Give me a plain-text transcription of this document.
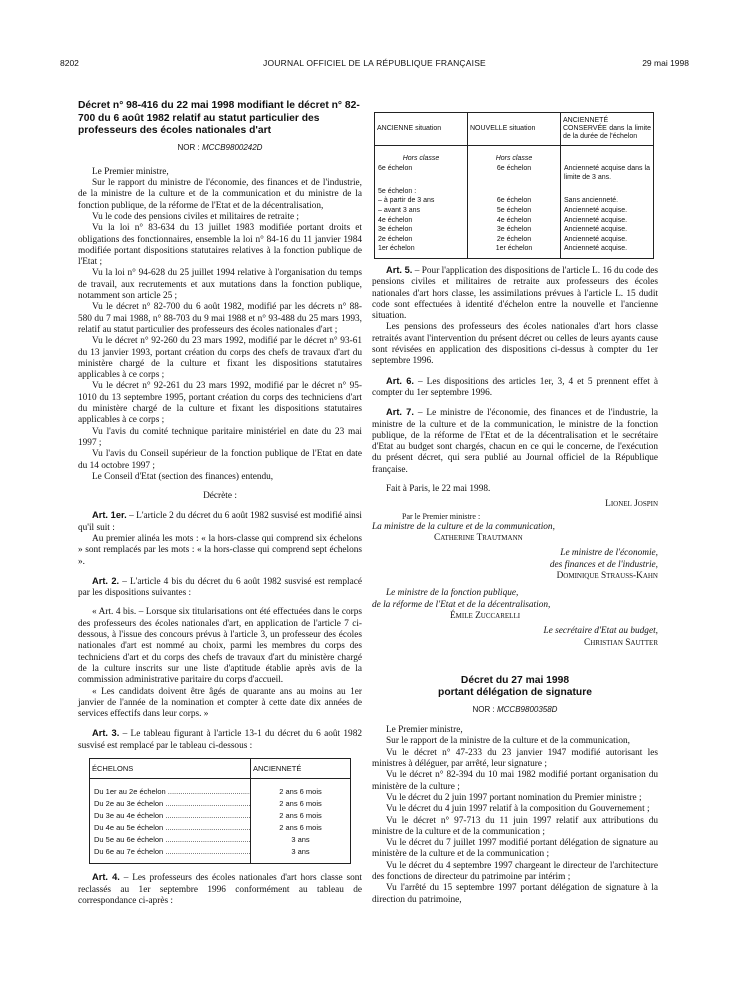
8202	JOURNAL OFFICIEL DE LA RÉPUBLIQUE FRANÇAISE	29 mai 1998
Décret n° 98-416 du 22 mai 1998 modifiant le décret n° 82-700 du 6 août 1982 relatif au statut particulier des professeurs des écoles nationales d'art
NOR : MCCB9800242D

Le Premier ministre,

Sur le rapport du ministre de l'économie, des finances et de l'industrie, de la ministre de la culture et de la communication et du ministre de la fonction publique, de la réforme de l'Etat et de la décentralisation,

Vu le code des pensions civiles et militaires de retraite ;

Vu la loi n° 83-634 du 13 juillet 1983 modifiée portant droits et obligations des fonctionnaires, ensemble la loi n° 84-16 du 11 janvier 1984 modifiée portant dispositions statutaires relatives à la fonction publique de l'Etat ;

Vu la loi n° 94-628 du 25 juillet 1994 relative à l'organisation du temps de travail, aux recrutements et aux mutations dans la fonction publique, notamment son article 25 ;

Vu le décret n° 82-700 du 6 août 1982, modifié par les décrets n° 88-580 du 7 mai 1988, n° 88-703 du 9 mai 1988 et n° 93-488 du 25 mars 1993, relatif au statut particulier des professeurs des écoles nationales d'art ;

Vu le décret n° 92-260 du 23 mars 1992, modifié par le décret n° 93-61 du 13 janvier 1993, portant création du corps des chefs de travaux d'art du ministère chargé de la culture et fixant les dispositions statutaires applicables à ce corps ;

Vu le décret n° 92-261 du 23 mars 1992, modifié par le décret n° 95-1010 du 13 septembre 1995, portant création du corps des techniciens d'art du ministère chargé de la culture et fixant les dispositions statutaires applicables à ce corps ;

Vu l'avis du comité technique paritaire ministériel en date du 23 mai 1997 ;

Vu l'avis du Conseil supérieur de la fonction publique de l'Etat en date du 14 octobre 1997 ;

Le Conseil d'Etat (section des finances) entendu,

Décrète :

Art. 1er. – L'article 2 du décret du 6 août 1982 susvisé est modifié ainsi qu'il suit :

Au premier alinéa les mots : « la hors-classe qui comprend six échelons » sont remplacés par les mots : « la hors-classe qui comprend sept échelons ».

Art. 2. – L'article 4 bis du décret du 6 août 1982 susvisé est remplacé par les dispositions suivantes :

« Art. 4 bis. – Lorsque six titularisations ont été effectuées dans le corps des professeurs des écoles nationales d'art, en application de l'article 7 ci-dessous, à l'issue des concours prévus à l'article 3, un professeur des écoles nationales d'art est nommé au choix, parmi les membres du corps des techniciens d'art et du corps des chefs de travaux d'art du ministère chargé de la culture inscrits sur une liste d'aptitude établie après avis de la commission administrative paritaire du corps d'accueil.

« Les candidats doivent être âgés de quarante ans au moins au 1er janvier de l'année de la nomination et compter à cette date dix années de services effectifs dans leur corps. »

Art. 3. – Le tableau figurant à l'article 13-1 du décret du 6 août 1982 susvisé est remplacé par le tableau ci-dessous :

ÉCHELONS	ANCIENNETÉ
Du 1er au 2e échelon .....	2 ans 6 mois
Du 2e au 3e échelon .....	2 ans 6 mois
Du 3e au 4e échelon .....	2 ans 6 mois
Du 4e au 5e échelon .....	2 ans 6 mois
Du 5e au 6e échelon .....	3 ans
Du 6e au 7e échelon .....	3 ans

Art. 4. – Les professeurs des écoles nationales d'art hors classe sont reclassés au 1er septembre 1996 conformément au tableau de correspondance ci-après :

ANCIENNE situation	NOUVELLE situation	ANCIENNETÉ CONSERVÉE dans la limite de la durée de l'échelon
Hors classe	Hors classe	
6e échelon	6e échelon	Ancienneté acquise dans la limite de 3 ans.
5e échelon :		
– à partir de 3 ans	6e échelon	Sans ancienneté.
– avant 3 ans	5e échelon	Ancienneté acquise.
4e échelon	4e échelon	Ancienneté acquise.
3e échelon	3e échelon	Ancienneté acquise.
2e échelon	2e échelon	Ancienneté acquise.
1er échelon	1er échelon	Ancienneté acquise.

Art. 5. – Pour l'application des dispositions de l'article L. 16 du code des pensions civiles et militaires de retraite aux professeurs des écoles nationales d'art hors classe, les assimilations prévues à l'article L. 15 dudit code sont effectuées à identité d'échelon entre la nouvelle et l'ancienne situation.

Les pensions des professeurs des écoles nationales d'art hors classe retraités avant l'intervention du présent décret ou celles de leurs ayants cause sont révisées en application des dispositions ci-dessus à compter du 1er septembre 1996.

Art. 6. – Les dispositions des articles 1er, 3, 4 et 5 prennent effet à compter du 1er septembre 1996.

Art. 7. – Le ministre de l'économie, des finances et de l'industrie, la ministre de la culture et de la communication, le ministre de la fonction publique, de la réforme de l'Etat et de la décentralisation et le secrétaire d'Etat au budget sont chargés, chacun en ce qui le concerne, de l'exécution du présent décret, qui sera publié au Journal officiel de la République française.

Fait à Paris, le 22 mai 1998.

Lionel Jospin
Par le Premier ministre :
La ministre de la culture et de la communication,
Catherine Trautmann
Le ministre de l'économie,
des finances et de l'industrie,
Dominique Strauss-Kahn
Le ministre de la fonction publique,
de la réforme de l'Etat et de la décentralisation,
Émile Zuccarelli
Le secrétaire d'Etat au budget,
Christian Sautter
Décret du 27 mai 1998
portant délégation de signature
NOR : MCCB9800358D

Le Premier ministre,

Sur le rapport de la ministre de la culture et de la communication,

Vu le décret n° 47-233 du 23 janvier 1947 modifié autorisant les ministres à déléguer, par arrêté, leur signature ;

Vu le décret n° 82-394 du 10 mai 1982 modifié portant organisation du ministère de la culture ;

Vu le décret du 2 juin 1997 portant nomination du Premier ministre ;

Vu le décret du 4 juin 1997 relatif à la composition du Gouvernement ;

Vu le décret n° 97-713 du 11 juin 1997 relatif aux attributions du ministre de la culture et de la communication ;

Vu le décret du 7 juillet 1997 modifié portant délégation de signature au ministère de la culture et de la communication ;

Vu le décret du 4 septembre 1997 chargeant le directeur de l'architecture des fonctions de directeur du patrimoine par intérim ;

Vu l'arrêté du 15 septembre 1997 portant délégation de signature à la direction du patrimoine,
